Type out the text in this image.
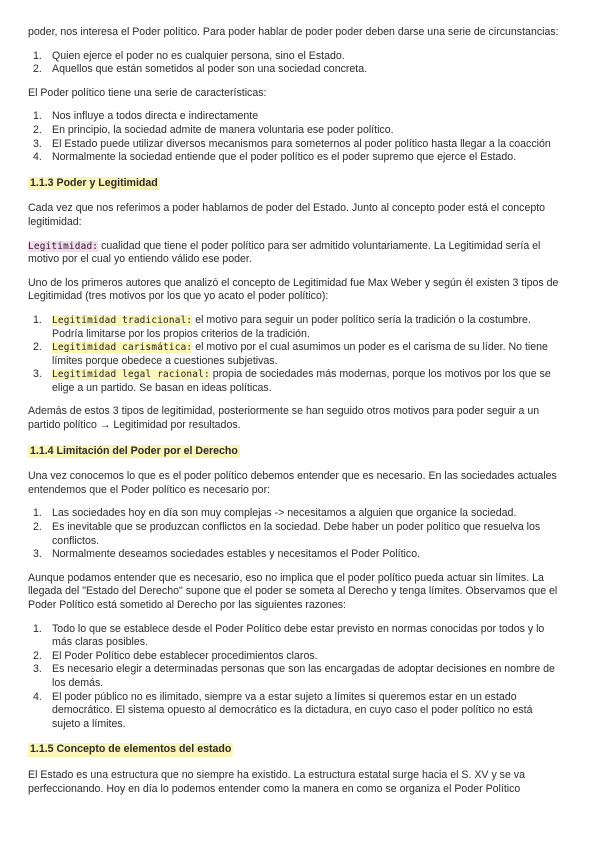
poder, nos interesa el Poder político. Para poder hablar de poder poder deben darse una serie de circunstancias:

1. Quien ejerce el poder no es cualquier persona, sino el Estado.
2. Aquellos que están sometidos al poder son una sociedad concreta.

El Poder político tiene una serie de características:

1. Nos influye a todos directa e indirectamente
2. En principio, la sociedad admite de manera voluntaria ese poder político.
3. El Estado puede utilizar diversos mecanismos para someternos al poder político hasta llegar a la coacción
4. Normalmente la sociedad entiende que el poder político es el poder supremo que ejerce el Estado.
1.1.3 Poder y Legitimidad

Cada vez que nos referimos a poder hablamos de poder del Estado. Junto al concepto poder está el concepto legitimidad:

Legitimidad: cualidad que tiene el poder político para ser admitido voluntariamente. La Legitimidad sería el motivo por el cual yo entiendo válido ese poder.

Uno de los primeros autores que analizó el concepto de Legitimidad fue Max Weber y según él existen 3 tipos de Legitimidad (tres motivos por los que yo acato el poder político):

1. Legitimidad tradicional: el motivo para seguir un poder político sería la tradición o la costumbre. Podría limitarse por los propios criterios de la tradición.
2. Legitimidad carismática: el motivo por el cual asumimos un poder es el carisma de su líder. No tiene límites porque obedece a cuestiones subjetivas.
3. Legitimidad legal racional: propia de sociedades más modernas, porque los motivos por los que se elige a un partido. Se basan en ideas políticas.

Además de estos 3 tipos de legitimidad, posteriormente se han seguido otros motivos para poder seguir a un partido político → Legitimidad por resultados.

1.1.4 Limitación del Poder por el Derecho

Una vez conocemos lo que es el poder político debemos entender que es necesario. En las sociedades actuales entendemos que el Poder político es necesario por:

1. Las sociedades hoy en día son muy complejas -> necesitamos a alguien que organice la sociedad.
2. Es inevitable que se produzcan conflictos en la sociedad. Debe haber un poder político que resuelva los conflictos.
3. Normalmente deseamos sociedades estables y necesitamos el Poder Político.

Aunque podamos entender que es necesario, eso no implica que el poder político pueda actuar sin límites. La llegada del "Estado del Derecho" supone que el poder se someta al Derecho y tenga límites. Observamos que el Poder Político está sometido al Derecho por las siguientes razones:

1. Todo lo que se establece desde el Poder Político debe estar previsto en normas conocidas por todos y lo más claras posibles.
2. El Poder Político debe establecer procedimientos claros.
3. Es necesario elegir a determinadas personas que son las encargadas de adoptar decisiones en nombre de los demás.
4. El poder público no es ilimitado, siempre va a estar sujeto a límites si queremos estar en un estado democrático. El sistema opuesto al democrático es la dictadura, en cuyo caso el poder político no está sujeto a límites.
1.1.5 Concepto de elementos del estado

El Estado es una estructura que no siempre ha existido. La estructura estatal surge hacia el S. XV y se va perfeccionando. Hoy en día lo podemos entender como la manera en como se organiza el Poder Político
